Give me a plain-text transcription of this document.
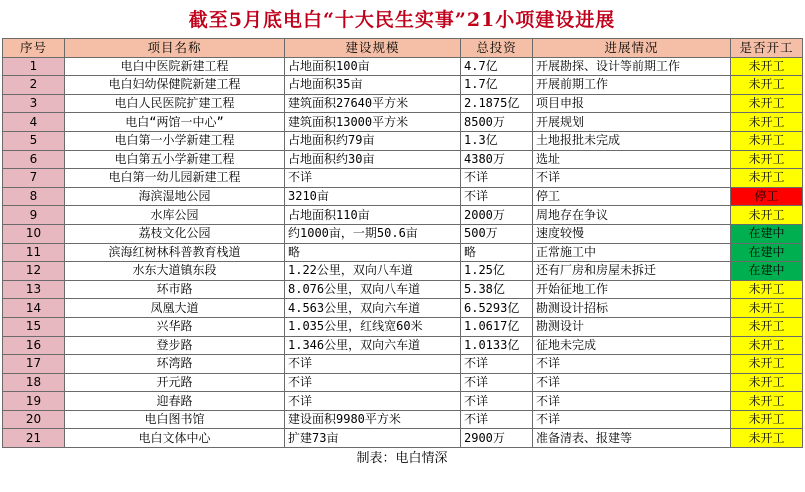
截至5月底电白“十大民生实事”21小项建设进展
序号	项目名称	建设规模	总投资	进展情况	是否开工
1	电白中医院新建工程	占地面积100亩	4.7亿	开展勘探、设计等前期工作	未开工
2	电白妇幼保健院新建工程	占地面积35亩	1.7亿	开展前期工作	未开工
3	电白人民医院扩建工程	建筑面积27640平方米	2.1875亿	项目申报	未开工
4	电白“两馆一中心”	建筑面积13000平方米	8500万	开展规划	未开工
5	电白第一小学新建工程	占地面积约79亩	1.3亿	土地报批未完成	未开工
6	电白第五小学新建工程	占地面积约30亩	4380万	选址	未开工
7	电白第一幼儿园新建工程	不详	不详	不详	未开工
8	海滨湿地公园	3210亩	不详	停工	停工
9	水库公园	占地面积110亩	2000万	周地存在争议	未开工
10	荔枝文化公园	约1000亩，一期50.6亩	500万	速度较慢	在建中
11	滨海红树林科普教育栈道	略	略	正常施工中	在建中
12	水东大道镇东段	1.22公里，双向八车道	1.25亿	还有厂房和房屋未拆迁	在建中
13	环市路	8.076公里，双向八车道	5.38亿	开始征地工作	未开工
14	凤凰大道	4.563公里，双向六车道	6.5293亿	勘测设计招标	未开工
15	兴华路	1.035公里，红线宽60米	1.0617亿	勘测设计	未开工
16	登步路	1.346公里，双向六车道	1.0133亿	征地未完成	未开工
17	环湾路	不详	不详	不详	未开工
18	开元路	不详	不详	不详	未开工
19	迎春路	不详	不详	不详	未开工
20	电白图书馆	建设面积9980平方米	不详	不详	未开工
21	电白文体中心	扩建73亩	2900万	准备清表、报建等	未开工
制表：电白情深
